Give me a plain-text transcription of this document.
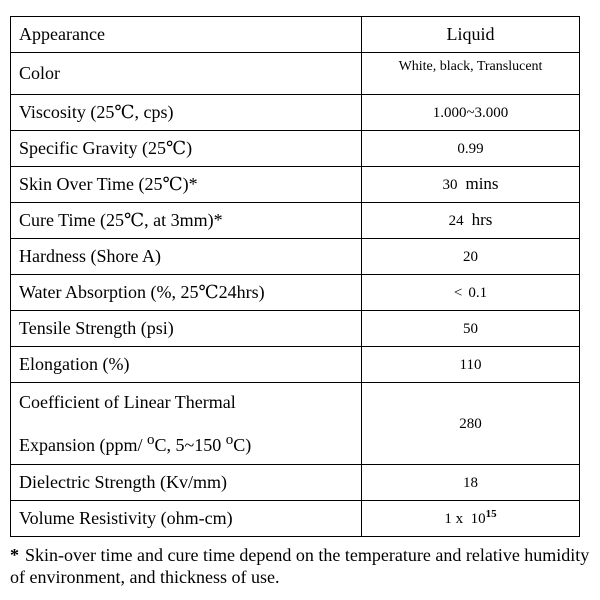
Appearance	Liquid
Color	White, black, Translucent
Viscosity (25℃, cps)	1.000~3.000
Specific Gravity (25℃)	0.99
Skin Over Time (25℃)*	30 mins
Cure Time (25℃, at 3mm)*	24 hrs
Hardness (Shore A)	20
Water Absorption (%, 25℃24hrs)	< 0.1
Tensile Strength (psi)	50
Elongation (%)	110

Coefficient of Linear Thermal
Expansion (ppm/ $^o$C, 5~150 $^o$C)	280
Dielectric Strength (Kv/mm)	18
Volume Resistivity (ohm-cm)	1 x $10^{15}$
* Skin-over time and cure time depend on the temperature and relative humidity of environment, and thickness of use.
